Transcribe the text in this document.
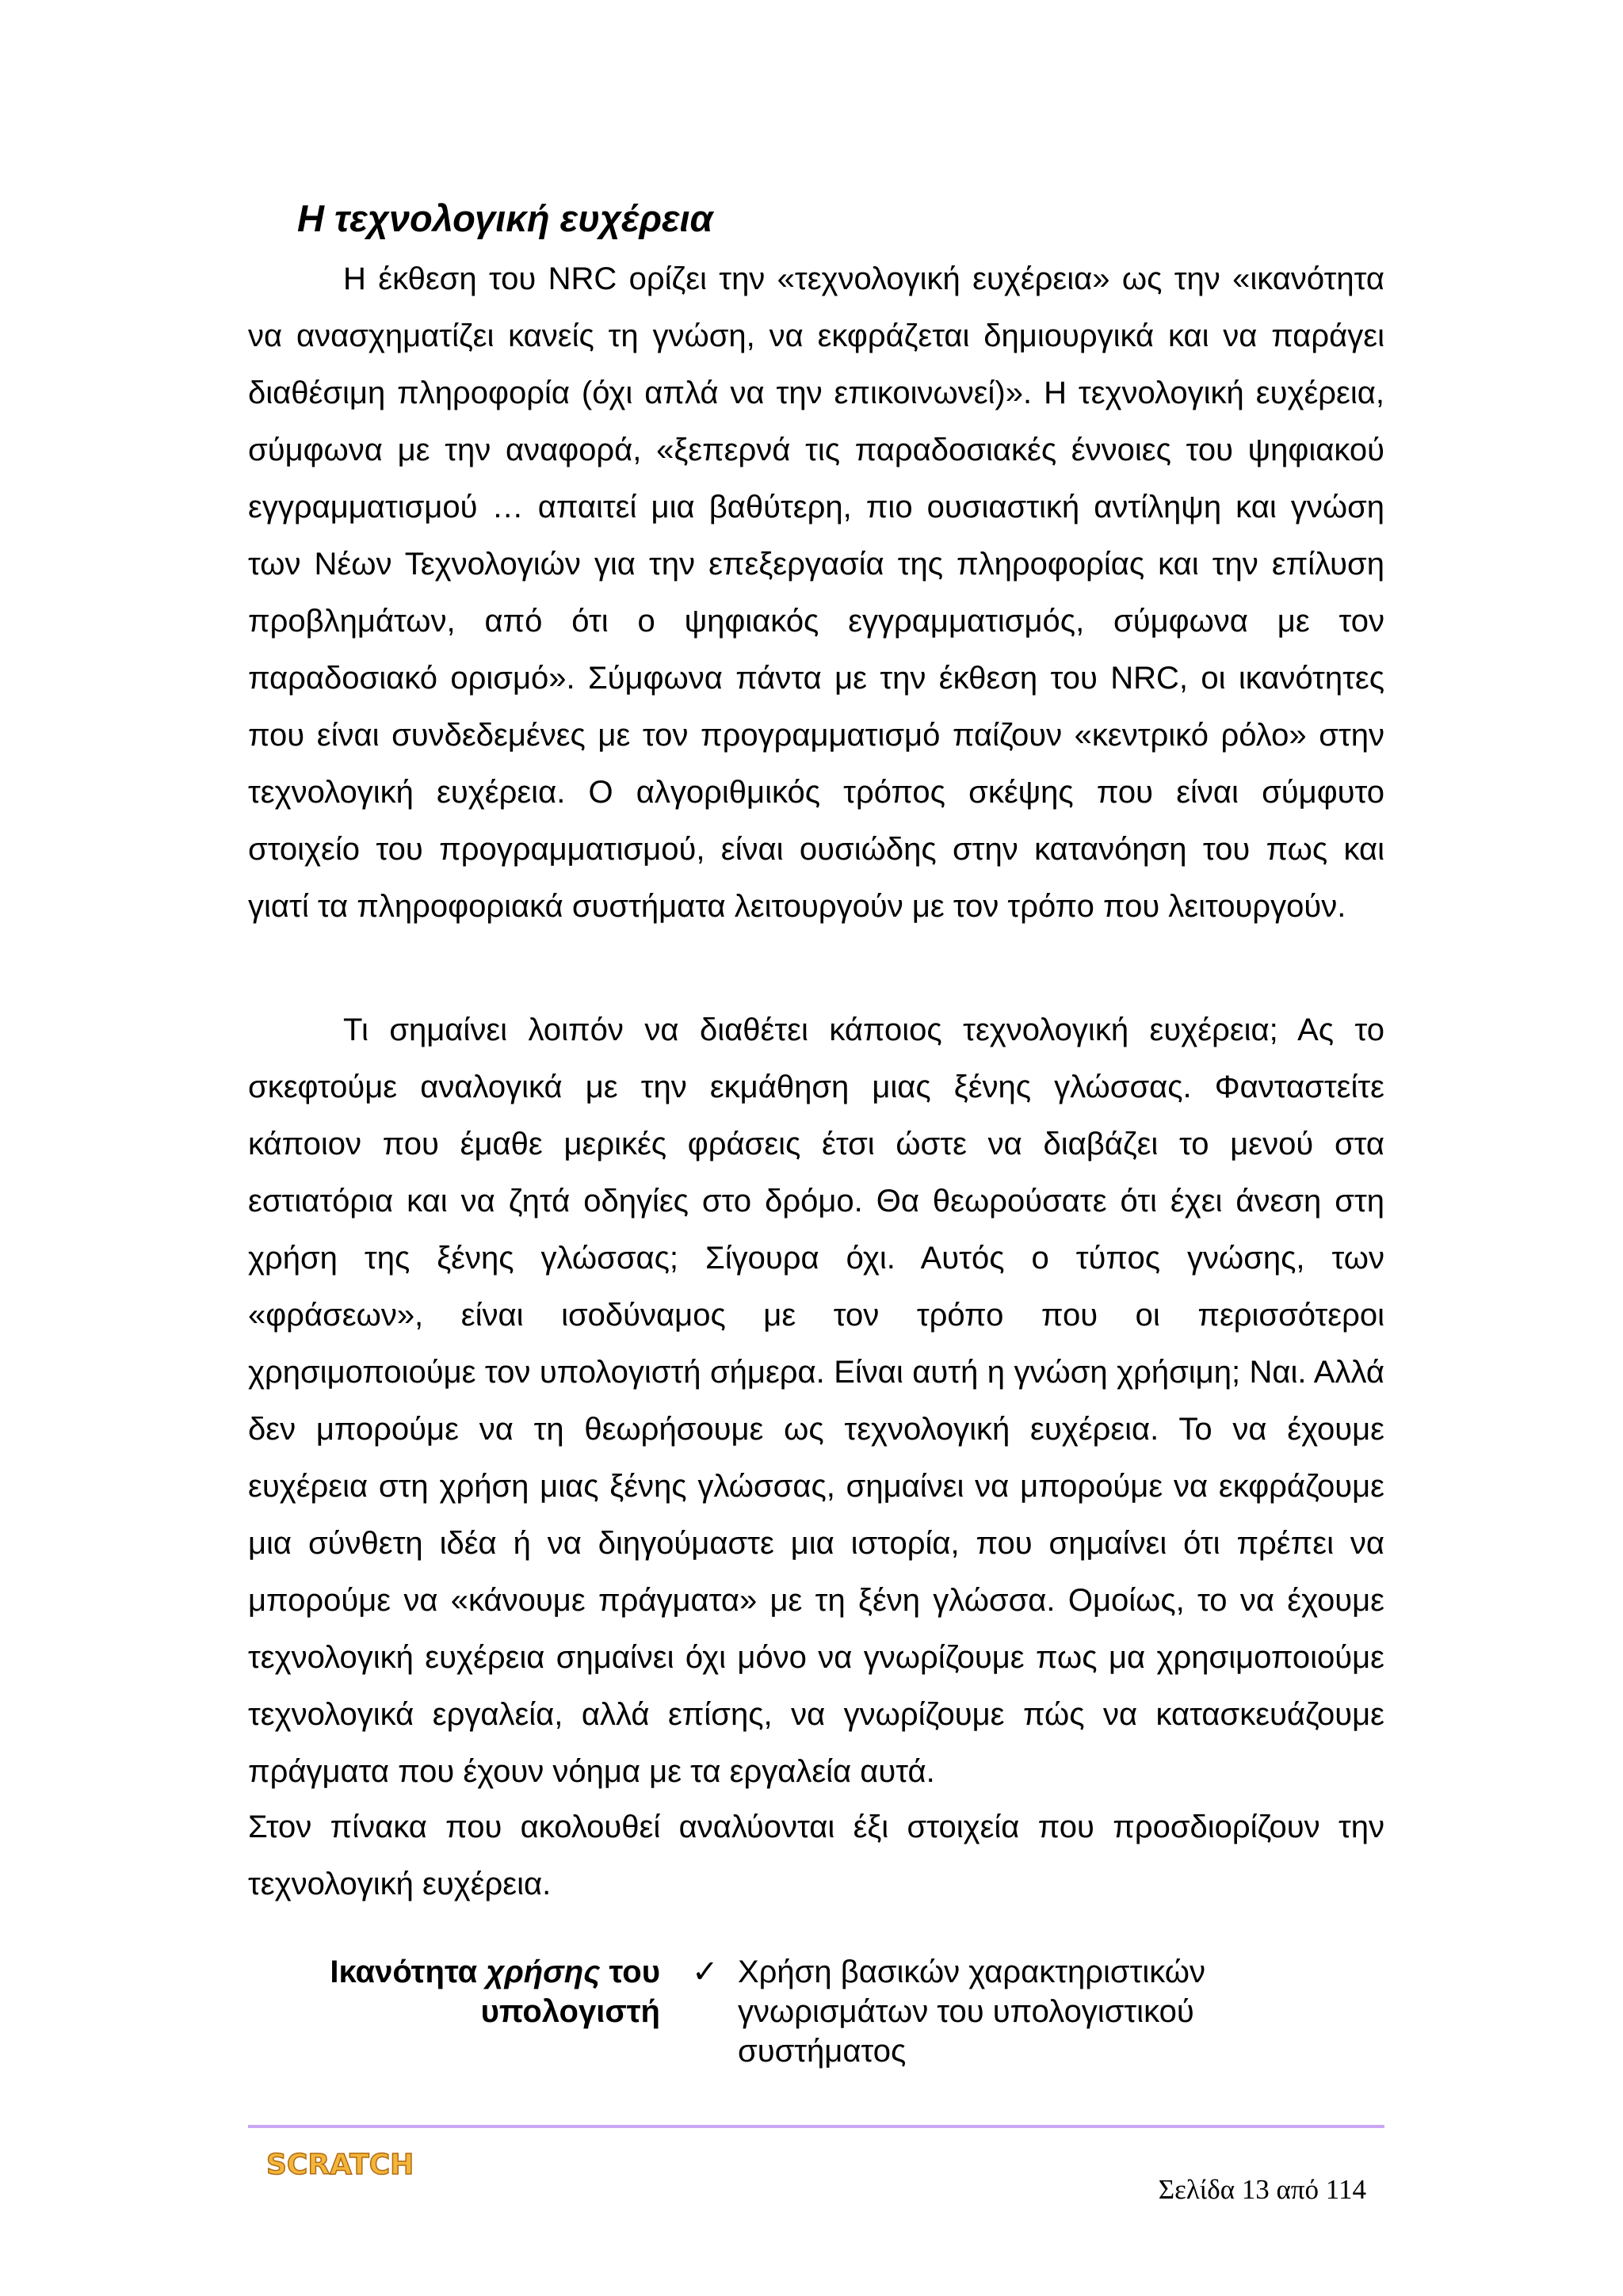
Η τεχνολογική ευχέρεια

Η έκθεση του NRC ορίζει την «τεχνολογική ευχέρεια» ως την «ικανότητα να ανασχηματίζει κανείς τη γνώση, να εκφράζεται δημιουργικά και να παράγει διαθέσιμη πληροφορία (όχι απλά να την επικοινωνεί)». Η τεχνολογική ευχέρεια, σύμφωνα με την αναφορά, «ξεπερνά τις παραδοσιακές έννοιες του ψηφιακού εγγραμματισμού … απαιτεί μια βαθύτερη, πιο ουσιαστική αντίληψη και γνώση των Νέων Τεχνολογιών για την επεξεργασία της πληροφορίας και την επίλυση προβλημάτων, από ότι ο ψηφιακός εγγραμματισμός, σύμφωνα με τον παραδοσιακό ορισμό». Σύμφωνα πάντα με την έκθεση του NRC, οι ικανότητες που είναι συνδεδεμένες με τον προγραμματισμό παίζουν «κεντρικό ρόλο» στην τεχνολογική ευχέρεια. Ο αλγοριθμικός τρόπος σκέψης που είναι σύμφυτο στοιχείο του προγραμματισμού, είναι ουσιώδης στην κατανόηση του πως και γιατί τα πληροφοριακά συστήματα λειτουργούν με τον τρόπο που λειτουργούν.

Τι σημαίνει λοιπόν να διαθέτει κάποιος τεχνολογική ευχέρεια; Ας το σκεφτούμε αναλογικά με την εκμάθηση μιας ξένης γλώσσας. Φανταστείτε κάποιον που έμαθε μερικές φράσεις έτσι ώστε να διαβάζει το μενού στα εστιατόρια και να ζητά οδηγίες στο δρόμο. Θα θεωρούσατε ότι έχει άνεση στη χρήση της ξένης γλώσσας; Σίγουρα όχι. Αυτός ο τύπος γνώσης, των «φράσεων», είναι ισοδύναμος με τον τρόπο που οι περισσότεροι χρησιμοποιούμε τον υπολογιστή σήμερα. Είναι αυτή η γνώση χρήσιμη; Ναι. Αλλά δεν μπορούμε να τη θεωρήσουμε ως τεχνολογική ευχέρεια. Το να έχουμε ευχέρεια στη χρήση μιας ξένης γλώσσας, σημαίνει να μπορούμε να εκφράζουμε μια σύνθετη ιδέα ή να διηγούμαστε μια ιστορία, που σημαίνει ότι πρέπει να μπορούμε να «κάνουμε πράγματα» με τη ξένη γλώσσα. Ομοίως, το να έχουμε τεχνολογική ευχέρεια σημαίνει όχι μόνο να γνωρίζουμε πως μα χρησιμοποιούμε τεχνολογικά εργαλεία, αλλά επίσης, να γνωρίζουμε πώς να κατασκευάζουμε πράγματα που έχουν νόημα με τα εργαλεία αυτά.

Στον πίνακα που ακολουθεί αναλύονται έξι στοιχεία που προσδιορίζουν την τεχνολογική ευχέρεια.

Ικανότητα χρήσης του υπολογιστή
✓ Χρήση βασικών χαρακτηριστικών γνωρισμάτων του υπολογιστικού συστήματος
SCRATCH
Σελίδα 13 από 114
